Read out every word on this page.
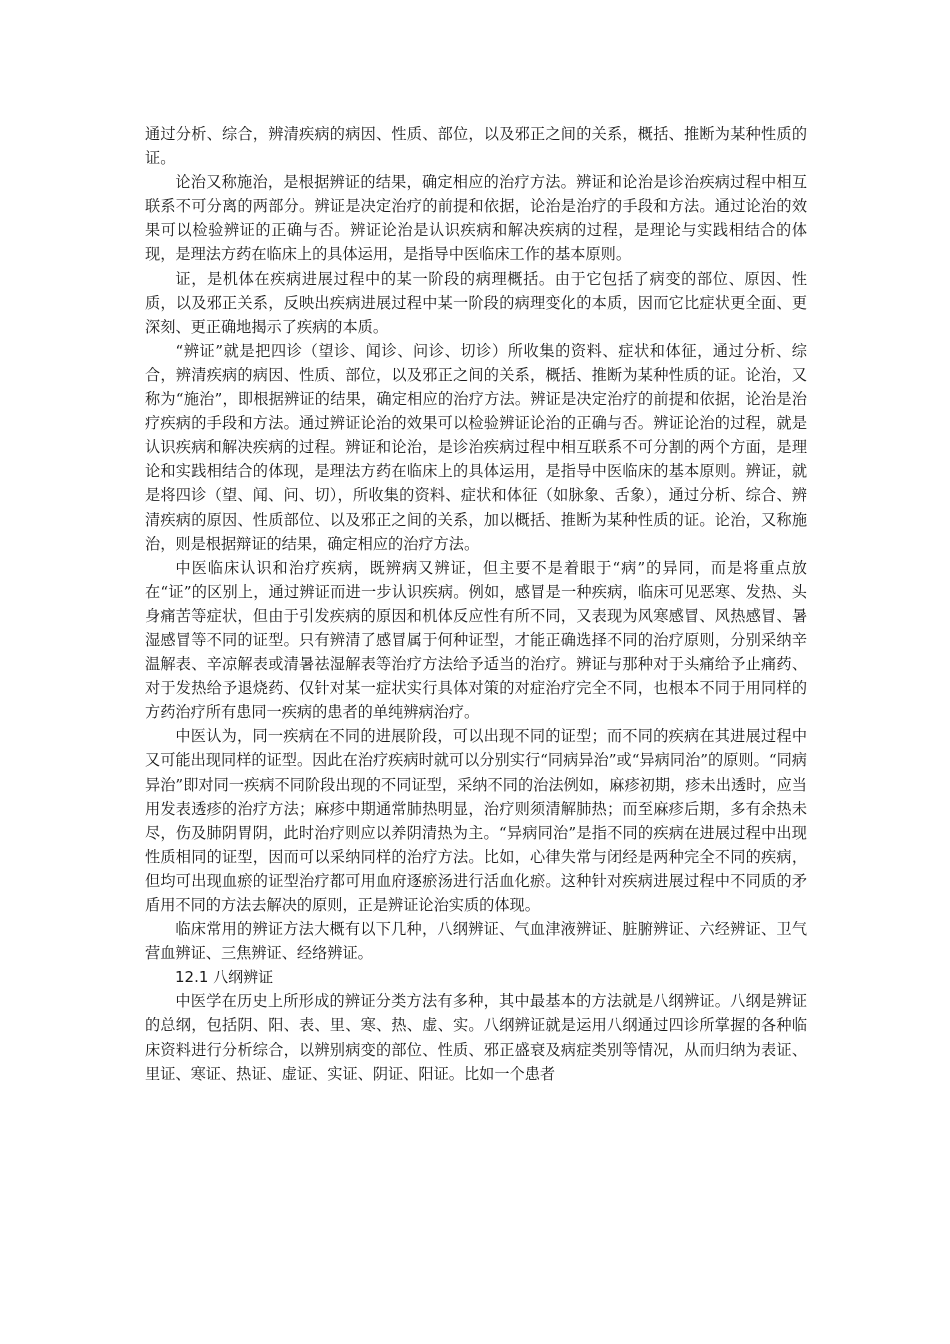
通过分析、综合，辨清疾病的病因、性质、部位，以及邪正之间的关系，概括、推断为某种性质的证。

论治又称施治，是根据辨证的结果，确定相应的治疗方法。辨证和论治是诊治疾病过程中相互联系不可分离的两部分。辨证是决定治疗的前提和依据，论治是治疗的手段和方法。通过论治的效果可以检验辨证的正确与否。辨证论治是认识疾病和解决疾病的过程，是理论与实践相结合的体现，是理法方药在临床上的具体运用，是指导中医临床工作的基本原则。

证，是机体在疾病进展过程中的某一阶段的病理概括。由于它包括了病变的部位、原因、性质，以及邪正关系，反映出疾病进展过程中某一阶段的病理变化的本质，因而它比症状更全面、更深刻、更正确地揭示了疾病的本质。

“辨证”就是把四诊（望诊、闻诊、问诊、切诊）所收集的资料、症状和体征，通过分析、综合，辨清疾病的病因、性质、部位，以及邪正之间的关系，概括、推断为某种性质的证。论治，又称为“施治”，即根据辨证的结果，确定相应的治疗方法。辨证是决定治疗的前提和依据，论治是治疗疾病的手段和方法。通过辨证论治的效果可以检验辨证论治的正确与否。辨证论治的过程，就是认识疾病和解决疾病的过程。辨证和论治，是诊治疾病过程中相互联系不可分割的两个方面，是理论和实践相结合的体现，是理法方药在临床上的具体运用，是指导中医临床的基本原则。辨证，就是将四诊（望、闻、问、切），所收集的资料、症状和体征（如脉象、舌象），通过分析、综合、辨清疾病的原因、性质部位、以及邪正之间的关系，加以概括、推断为某种性质的证。论治，又称施治，则是根据辩证的结果，确定相应的治疗方法。

中医临床认识和治疗疾病，既辨病又辨证，但主要不是着眼于“病”的异同，而是将重点放在“证”的区别上，通过辨证而进一步认识疾病。例如，感冒是一种疾病，临床可见恶寒、发热、头身痛苦等症状，但由于引发疾病的原因和机体反应性有所不同，又表现为风寒感冒、风热感冒、暑湿感冒等不同的证型。只有辨清了感冒属于何种证型，才能正确选择不同的治疗原则，分别采纳辛温解表、辛凉解表或清暑祛湿解表等治疗方法给予适当的治疗。辨证与那种对于头痛给予止痛药、对于发热给予退烧药、仅针对某一症状实行具体对策的对症治疗完全不同，也根本不同于用同样的方药治疗所有患同一疾病的患者的单纯辨病治疗。

中医认为，同一疾病在不同的进展阶段，可以出现不同的证型；而不同的疾病在其进展过程中又可能出现同样的证型。因此在治疗疾病时就可以分别实行“同病异治”或“异病同治”的原则。“同病异治”即对同一疾病不同阶段出现的不同证型，采纳不同的治法例如，麻疹初期，疹未出透时，应当用发表透疹的治疗方法；麻疹中期通常肺热明显，治疗则须清解肺热；而至麻疹后期，多有余热未尽，伤及肺阴胃阴，此时治疗则应以养阴清热为主。“异病同治”是指不同的疾病在进展过程中出现性质相同的证型，因而可以采纳同样的治疗方法。比如，心律失常与闭经是两种完全不同的疾病，但均可出现血瘀的证型治疗都可用血府逐瘀汤进行活血化瘀。这种针对疾病进展过程中不同质的矛盾用不同的方法去解决的原则，正是辨证论治实质的体现。

临床常用的辨证方法大概有以下几种，八纲辨证、气血津液辨证、脏腑辨证、六经辨证、卫气营血辨证、三焦辨证、经络辨证。

12.1 八纲辨证

中医学在历史上所形成的辨证分类方法有多种，其中最基本的方法就是八纲辨证。八纲是辨证的总纲，包括阴、阳、表、里、寒、热、虚、实。八纲辨证就是运用八纲通过四诊所掌握的各种临床资料进行分析综合，以辨别病变的部位、性质、邪正盛衰及病症类别等情况，从而归纳为表证、里证、寒证、热证、虚证、实证、阴证、阳证。比如一个患者
